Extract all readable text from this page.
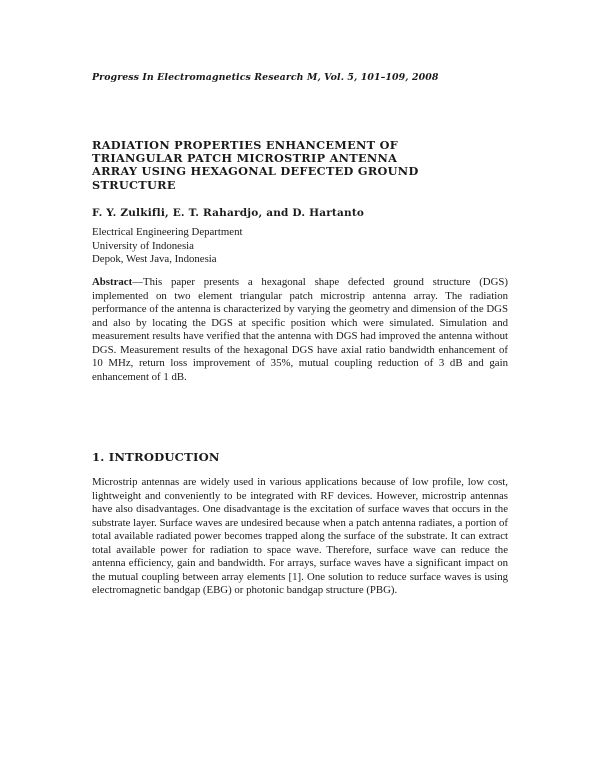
Progress In Electromagnetics Research M, Vol. 5, 101–109, 2008
RADIATION PROPERTIES ENHANCEMENT OF TRIANGULAR PATCH MICROSTRIP ANTENNA ARRAY USING HEXAGONAL DEFECTED GROUND STRUCTURE
F. Y. Zulkifli, E. T. Rahardjo, and D. Hartanto
Electrical Engineering Department
University of Indonesia
Depok, West Java, Indonesia

Abstract—This paper presents a hexagonal shape defected ground structure (DGS) implemented on two element triangular patch microstrip antenna array. The radiation performance of the antenna is characterized by varying the geometry and dimension of the DGS and also by locating the DGS at specific position which were simulated. Simulation and measurement results have verified that the antenna with DGS had improved the antenna without DGS. Measurement results of the hexagonal DGS have axial ratio bandwidth enhancement of 10 MHz, return loss improvement of 35%, mutual coupling reduction of 3 dB and gain enhancement of 1 dB.

1. INTRODUCTION

Microstrip antennas are widely used in various applications because of low profile, low cost, lightweight and conveniently to be integrated with RF devices. However, microstrip antennas have also disadvantages. One disadvantage is the excitation of surface waves that occurs in the substrate layer. Surface waves are undesired because when a patch antenna radiates, a portion of total available radiated power becomes trapped along the surface of the substrate. It can extract total available power for radiation to space wave. Therefore, surface wave can reduce the antenna efficiency, gain and bandwidth. For arrays, surface waves have a significant impact on the mutual coupling between array elements [1]. One solution to reduce surface waves is using electromagnetic bandgap (EBG) or photonic bandgap structure (PBG).
